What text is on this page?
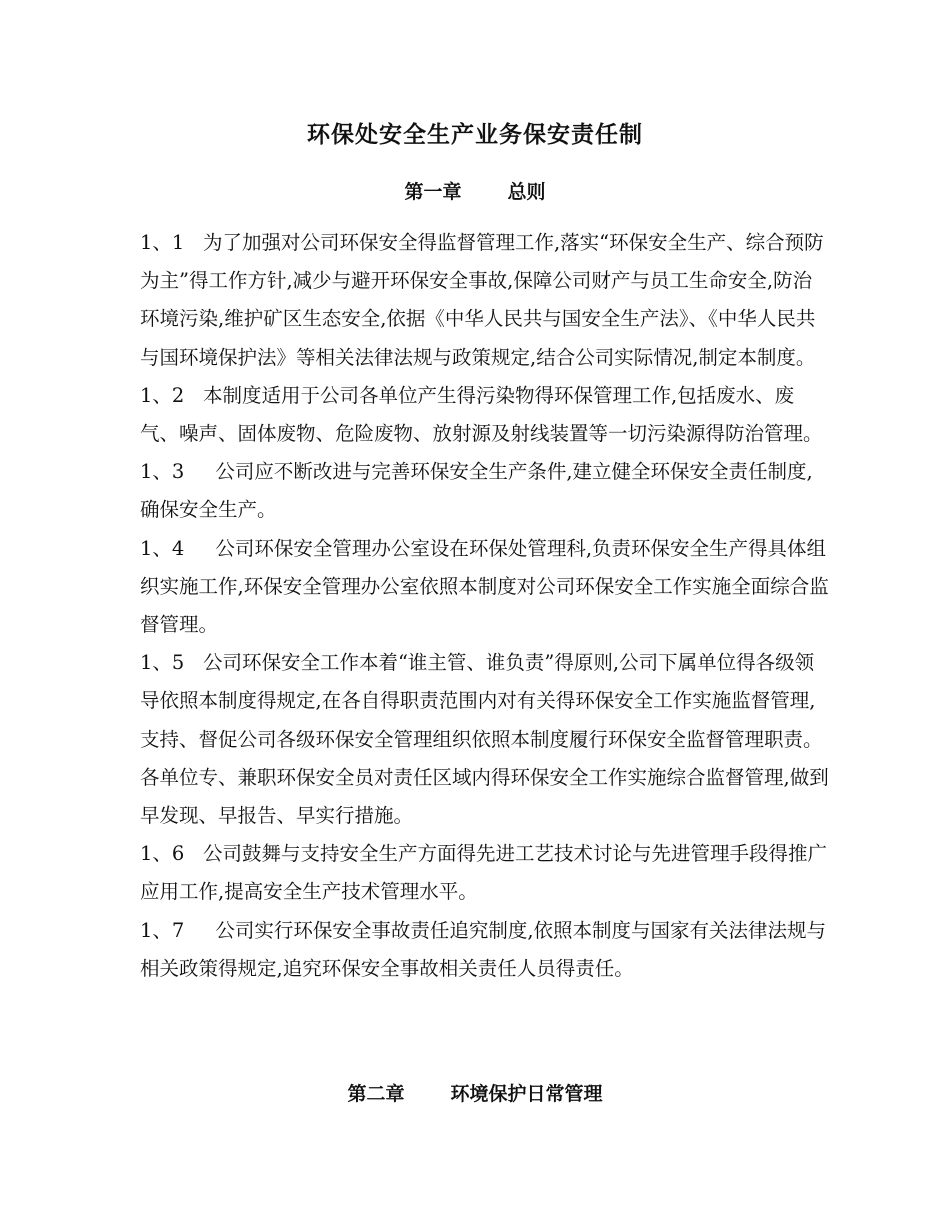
环保处安全生产业务保安责任制
第一章 总则

1、1 为了加强对公司环保安全得监督管理工作,落实“环保安全生产、综合预防为主”得工作方针,减少与避开环保安全事故,保障公司财产与员工生命安全,防治环境污染,维护矿区生态安全,依据《中华人民共与国安全生产法》、《中华人民共与国环境保护法》等相关法律法规与政策规定,结合公司实际情况,制定本制度。

1、2 本制度适用于公司各单位产生得污染物得环保管理工作,包括废水、废气、噪声、固体废物、危险废物、放射源及射线装置等一切污染源得防治管理。

1、3 公司应不断改进与完善环保安全生产条件,建立健全环保安全责任制度,确保安全生产。

1、4 公司环保安全管理办公室设在环保处管理科,负责环保安全生产得具体组织实施工作,环保安全管理办公室依照本制度对公司环保安全工作实施全面综合监督管理。

1、5 公司环保安全工作本着“谁主管、谁负责”得原则,公司下属单位得各级领导依照本制度得规定,在各自得职责范围内对有关得环保安全工作实施监督管理,支持、督促公司各级环保安全管理组织依照本制度履行环保安全监督管理职责。各单位专、兼职环保安全员对责任区域内得环保安全工作实施综合监督管理,做到早发现、早报告、早实行措施。

1、6 公司鼓舞与支持安全生产方面得先进工艺技术讨论与先进管理手段得推广应用工作,提高安全生产技术管理水平。

1、7 公司实行环保安全事故责任追究制度,依照本制度与国家有关法律法规与相关政策得规定,追究环保安全事故相关责任人员得责任。

第二章 环境保护日常管理
